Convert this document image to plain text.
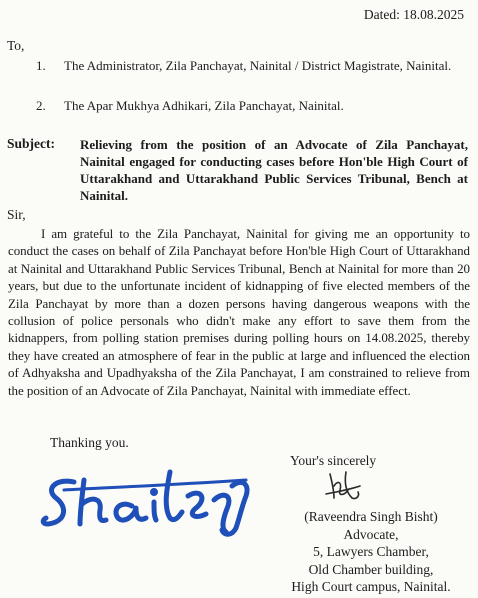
Dated: 18.08.2025
To,
1. The Administrator, Zila Panchayat, Nainital / District Magistrate, Nainital.
2. The Apar Mukhya Adhikari, Zila Panchayat, Nainital.
Subject: Relieving from the position of an Advocate of Zila Panchayat, Nainital engaged for conducting cases before Hon'ble High Court of Uttarakhand and Uttarakhand Public Services Tribunal, Bench at Nainital.
Sir,
I am grateful to the Zila Panchayat, Nainital for giving me an opportunity to conduct the cases on behalf of Zila Panchayat before Hon'ble High Court of Uttarakhand at Nainital and Uttarakhand Public Services Tribunal, Bench at Nainital for more than 20 years, but due to the unfortunate incident of kidnapping of five elected members of the Zila Panchayat by more than a dozen persons having dangerous weapons with the collusion of police personals who didn't make any effort to save them from the kidnappers, from polling station premises during polling hours on 14.08.2025, thereby they have created an atmosphere of fear in the public at large and influenced the election of Adhyaksha and Upadhyaksha of the Zila Panchayat, I am constrained to relieve from the position of an Advocate of Zila Panchayat, Nainital with immediate effect.
Thanking you.
Your's sincerely
(Raveendra Singh Bisht)
Advocate,
5, Lawyers Chamber,
Old Chamber building,
High Court campus, Nainital.
